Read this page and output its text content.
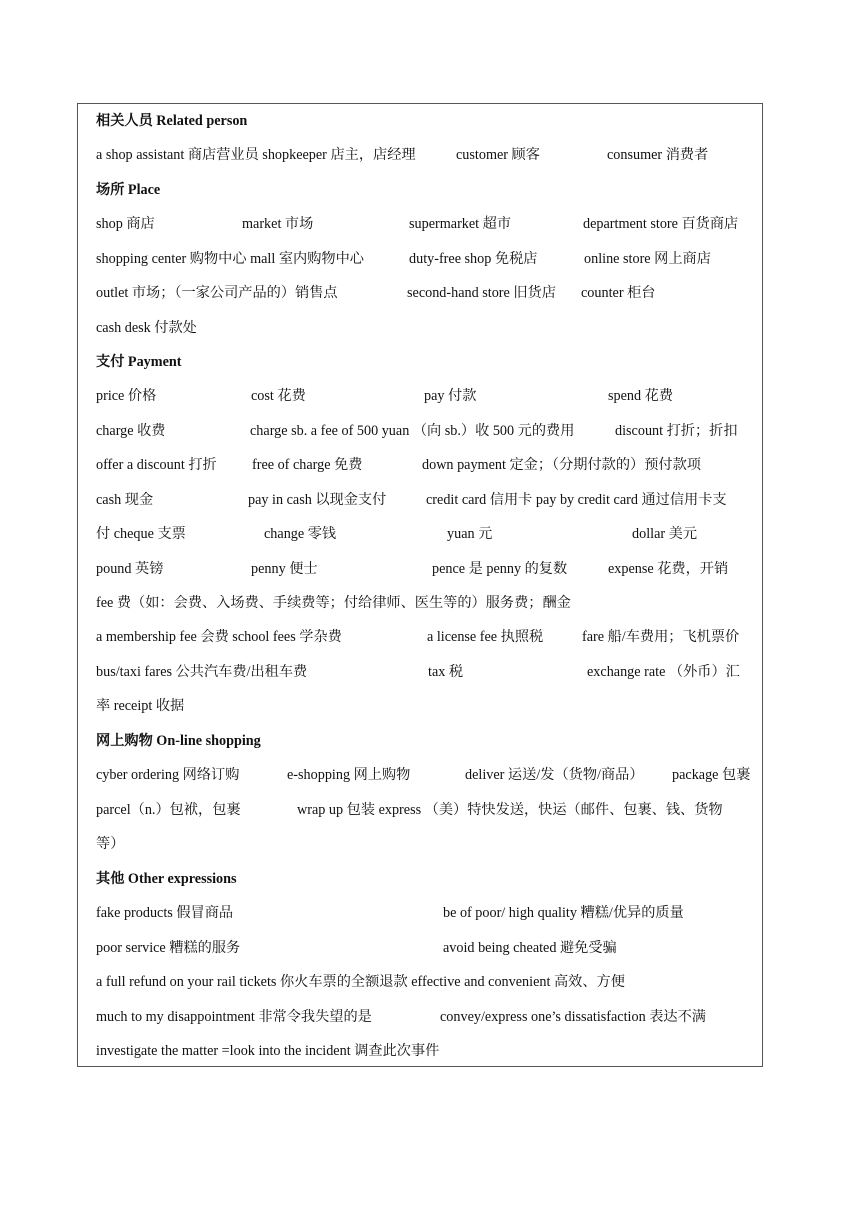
相关人员 Related person
a shop assistant 商店营业员 shopkeeper 店主，店经理	customer 顾客	consumer 消费者
场所 Place
shop 商店	market 市场	supermarket 超市	department store 百货商店
shopping center 购物中心 mall 室内购物中心	duty-free shop 免税店	online store 网上商店
outlet 市场；（一家公司产品的）销售点	second-hand store 旧货店 counter 柜台
cash desk 付款处
支付 Payment
price 价格	cost 花费	pay 付款	spend 花费
charge 收费	charge sb. a fee of 500 yuan （向 sb.）收 500 元的费用	discount 打折；折扣
offer a discount 打折 free of charge 免费	down payment 定金；（分期付款的）预付款项
cash 现金	pay in cash 以现金支付	credit card 信用卡 pay by credit card 通过信用卡支
付 cheque 支票	change 零钱	yuan 元	dollar 美元
pound 英镑	penny 便士	pence 是 penny 的复数	expense 花费，开销
fee 费（如：会费、入场费、手续费等；付给律师、医生等的）服务费；酬金
a membership fee 会费 school fees 学杂费	a license fee 执照税	fare 船/车费用；飞机票价
bus/taxi fares 公共汽车费/出租车费	tax 税	exchange rate （外币）汇
率 receipt 收据
网上购物 On-line shopping
cyber ordering 网络订购	e-shopping 网上购物	deliver 运送/发（货物/商品） package 包裹
parcel（n.）包袱，包裹	wrap up 包装 express （美）特快发送，快运（邮件、包裹、钱、货物
等）
其他 Other expressions
fake products 假冒商品	be of poor/ high quality 糟糕/优异的质量
poor service 糟糕的服务	avoid being cheated 避免受骗
a full refund on your rail tickets 你火车票的全额退款 effective and convenient 高效、方便
much to my disappointment 非常令我失望的是	convey/express one’s dissatisfaction 表达不满
investigate the matter =look into the incident 调查此次事件
